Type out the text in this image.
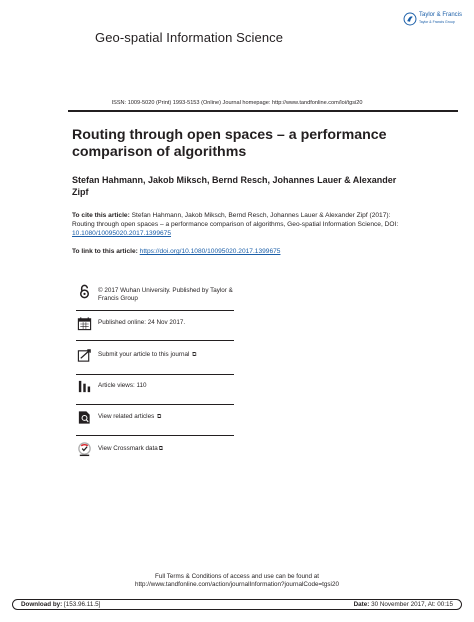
Geo-spatial Information Science
Taylor & Francis
Taylor & Francis Group
ISSN: 1009-5020 (Print) 1993-5153 (Online) Journal homepage: http://www.tandfonline.com/loi/tgsi20
Routing through open spaces – a performance comparison of algorithms
Stefan Hahmann, Jakob Miksch, Bernd Resch, Johannes Lauer & Alexander Zipf
To cite this article: Stefan Hahmann, Jakob Miksch, Bernd Resch, Johannes Lauer & Alexander Zipf (2017): Routing through open spaces – a performance comparison of algorithms, Geo-spatial Information Science, DOI: 10.1080/10095020.2017.1399675
To link to this article: https://doi.org/10.1080/10095020.2017.1399675
© 2017 Wuhan University. Published by Taylor & Francis Group
Published online: 24 Nov 2017.
Submit your article to this journal ⧉
Article views: 110
View related articles ⧉
View Crossmark data⧉
Full Terms & Conditions of access and use can be found at
http://www.tandfonline.com/action/journalInformation?journalCode=tgsi20
Download by: [153.96.11.5]	Date: 30 November 2017, At: 00:15
